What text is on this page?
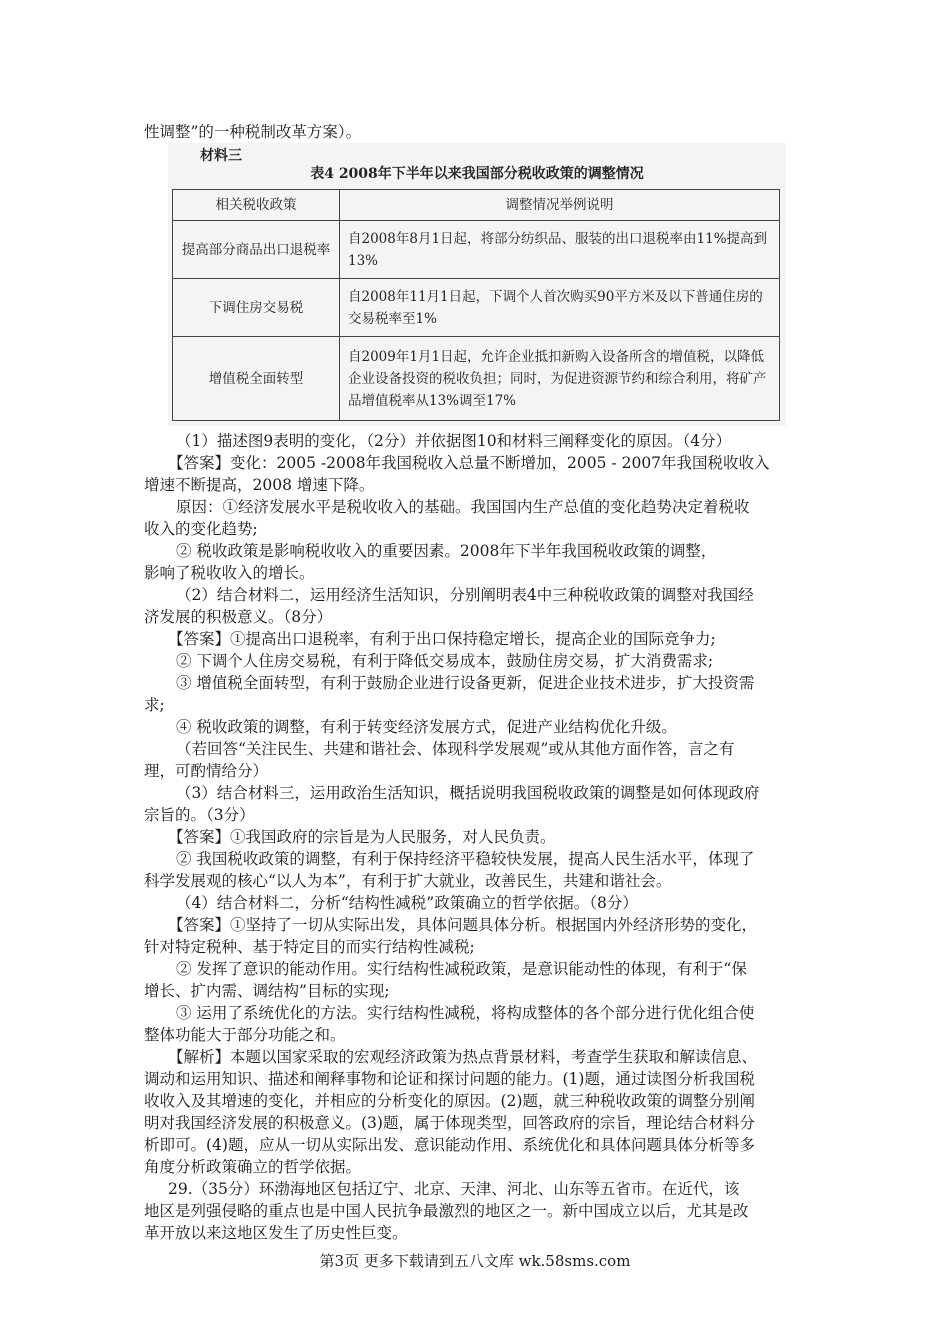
性调整”的一种税制改革方案）。
材料三
表4 2008年下半年以来我国部分税收政策的调整情况
相关税收政策	调整情况举例说明
提高部分商品出口退税率	自2008年8月1日起，将部分纺织品、服装的出口退税率由11%提高到13%
下调住房交易税	自2008年11月1日起，下调个人首次购买90平方米及以下普通住房的交易税率至1%
增值税全面转型	自2009年1月1日起，允许企业抵扣新购入设备所含的增值税，以降低企业设备投资的税收负担；同时，为促进资源节约和综合利用，将矿产品增值税率从13%调至17%
（1）描述图9表明的变化，（2分）并依据图10和材料三阐释变化的原因。（4分）
【答案】变化：2005 -2008年我国税收入总量不断增加，2005 - 2007年我国税收收入
增速不断提高，2008 增速下降。
原因：①经济发展水平是税收收入的基础。我国国内生产总值的变化趋势决定着税收
收入的变化趋势;
② 税收政策是影响税收收入的重要因素。2008年下半年我国税收政策的调整，
影响了税收收入的增长。
（2）结合材料二，运用经济生活知识，分别阐明表4中三种税收政策的调整对我国经
济发展的积极意义。（8分）
【答案】①提高出口退税率，有利于出口保持稳定增长，提高企业的国际竞争力;
② 下调个人住房交易税，有利于降低交易成本，鼓励住房交易，扩大消费需求;
③ 增值税全面转型，有利于鼓励企业进行设备更新，促进企业技术进步，扩大投资需
求;
④ 税收政策的调整，有利于转变经济发展方式，促进产业结构优化升级。
（若回答“关注民生、共建和谐社会、体现科学发展观”或从其他方面作答，言之有
理，可酌情给分）
（3）结合材料三，运用政治生活知识，概括说明我国税收政策的调整是如何体现政府
宗旨的。（3分）
【答案】①我国政府的宗旨是为人民服务，对人民负责。
② 我国税收政策的调整，有利于保持经济平稳较快发展，提高人民生活水平，体现了
科学发展观的核心“以人为本”，有利于扩大就业，改善民生，共建和谐社会。
（4）结合材料二，分析“结构性减税”政策确立的哲学依据。（8分）
【答案】①坚持了一切从实际出发，具体问题具体分析。根据国内外经济形势的变化，
针对特定税种、基于特定目的而实行结构性减税;
② 发挥了意识的能动作用。实行结构性减税政策，是意识能动性的体现，有利于“保
增长、扩内需、调结构”目标的实现;
③ 运用了系统优化的方法。实行结构性减税，将构成整体的各个部分进行优化组合使
整体功能大于部分功能之和。
【解析】本题以国家采取的宏观经济政策为热点背景材料，考查学生获取和解读信息、
调动和运用知识、描述和阐释事物和论证和探讨问题的能力。(1)题，通过读图分析我国税
收收入及其增速的变化，并相应的分析变化的原因。(2)题，就三种税收政策的调整分别阐
明对我国经济发展的积极意义。(3)题，属于体现类型，回答政府的宗旨，理论结合材料分
析即可。(4)题，应从一切从实际出发、意识能动作用、系统优化和具体问题具体分析等多
角度分析政策确立的哲学依据。
29.（35分）环渤海地区包括辽宁、北京、天津、河北、山东等五省市。在近代，该
地区是列强侵略的重点也是中国人民抗争最激烈的地区之一。新中国成立以后，尤其是改
革开放以来这地区发生了历史性巨变。
第3页 更多下载请到五八文库 wk.58sms.com
